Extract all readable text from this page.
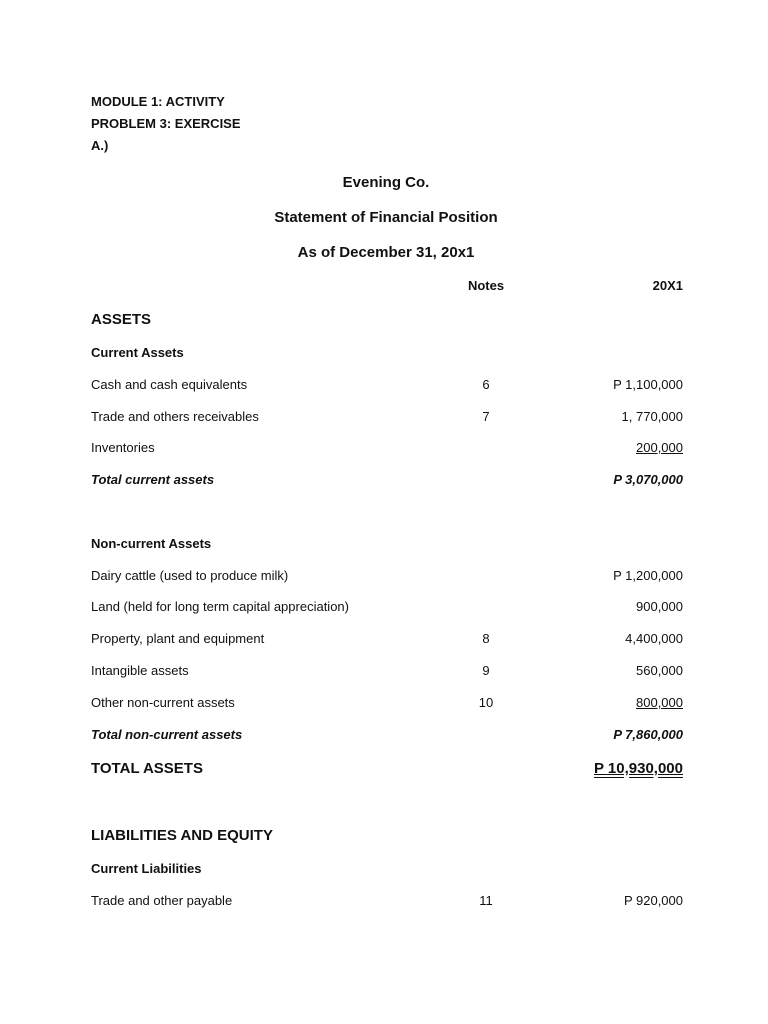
MODULE 1: ACTIVITY
PROBLEM 3: EXERCISE
A.)
Evening Co.
Statement of Financial Position
As of December 31, 20x1
Notes	20X1
ASSETS
Current Assets
Cash and cash equivalents	6	P 1,100,000
Trade and others receivables	7	1, 770,000
Inventories	200,000
Total current assets	P 3,070,000
Non-current Assets
Dairy cattle (used to produce milk)	P 1,200,000
Land (held for long term capital appreciation)	900,000
Property, plant and equipment	8	4,400,000
Intangible assets	9	560,000
Other non-current assets	10	800,000
Total non-current assets	P 7,860,000
TOTAL ASSETS	P 10,930,000
LIABILITIES AND EQUITY
Current Liabilities
Trade and other payable	11	P 920,000
